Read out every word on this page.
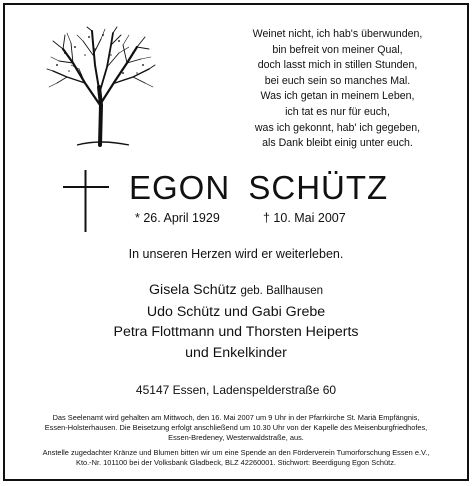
Weinet nicht, ich hab's überwunden,
bin befreit von meiner Qual,
doch lasst mich in stillen Stunden,
bei euch sein so manches Mal.
Was ich getan in meinem Leben,
ich tat es nur für euch,
was ich gekonnt, hab' ich gegeben,
als Dank bleibt einig unter euch.
EGON SCHÜTZ
* 26. April 1929	† 10. Mai 2007
In unseren Herzen wird er weiterleben.
Gisela Schütz geb. Ballhausen
Udo Schütz und Gabi Grebe
Petra Flottmann und Thorsten Heiperts
und Enkelkinder
45147 Essen, Ladenspelderstraße 60
Das Seelenamt wird gehalten am Mittwoch, den 16. Mai 2007 um 9 Uhr in der Pfarrkirche St. Mariä Empfängnis,
Essen-Holsterhausen. Die Beisetzung erfolgt anschließend um 10.30 Uhr von der Kapelle des Meisenburgfriedhofes,
Essen-Bredeney, Westerwaldstraße, aus.
Anstelle zugedachter Kränze und Blumen bitten wir um eine Spende an den Förderverein Tumorforschung Essen e.V.,
Kto.-Nr. 101100 bei der Volksbank Gladbeck, BLZ 42260001. Stichwort: Beerdigung Egon Schütz.
